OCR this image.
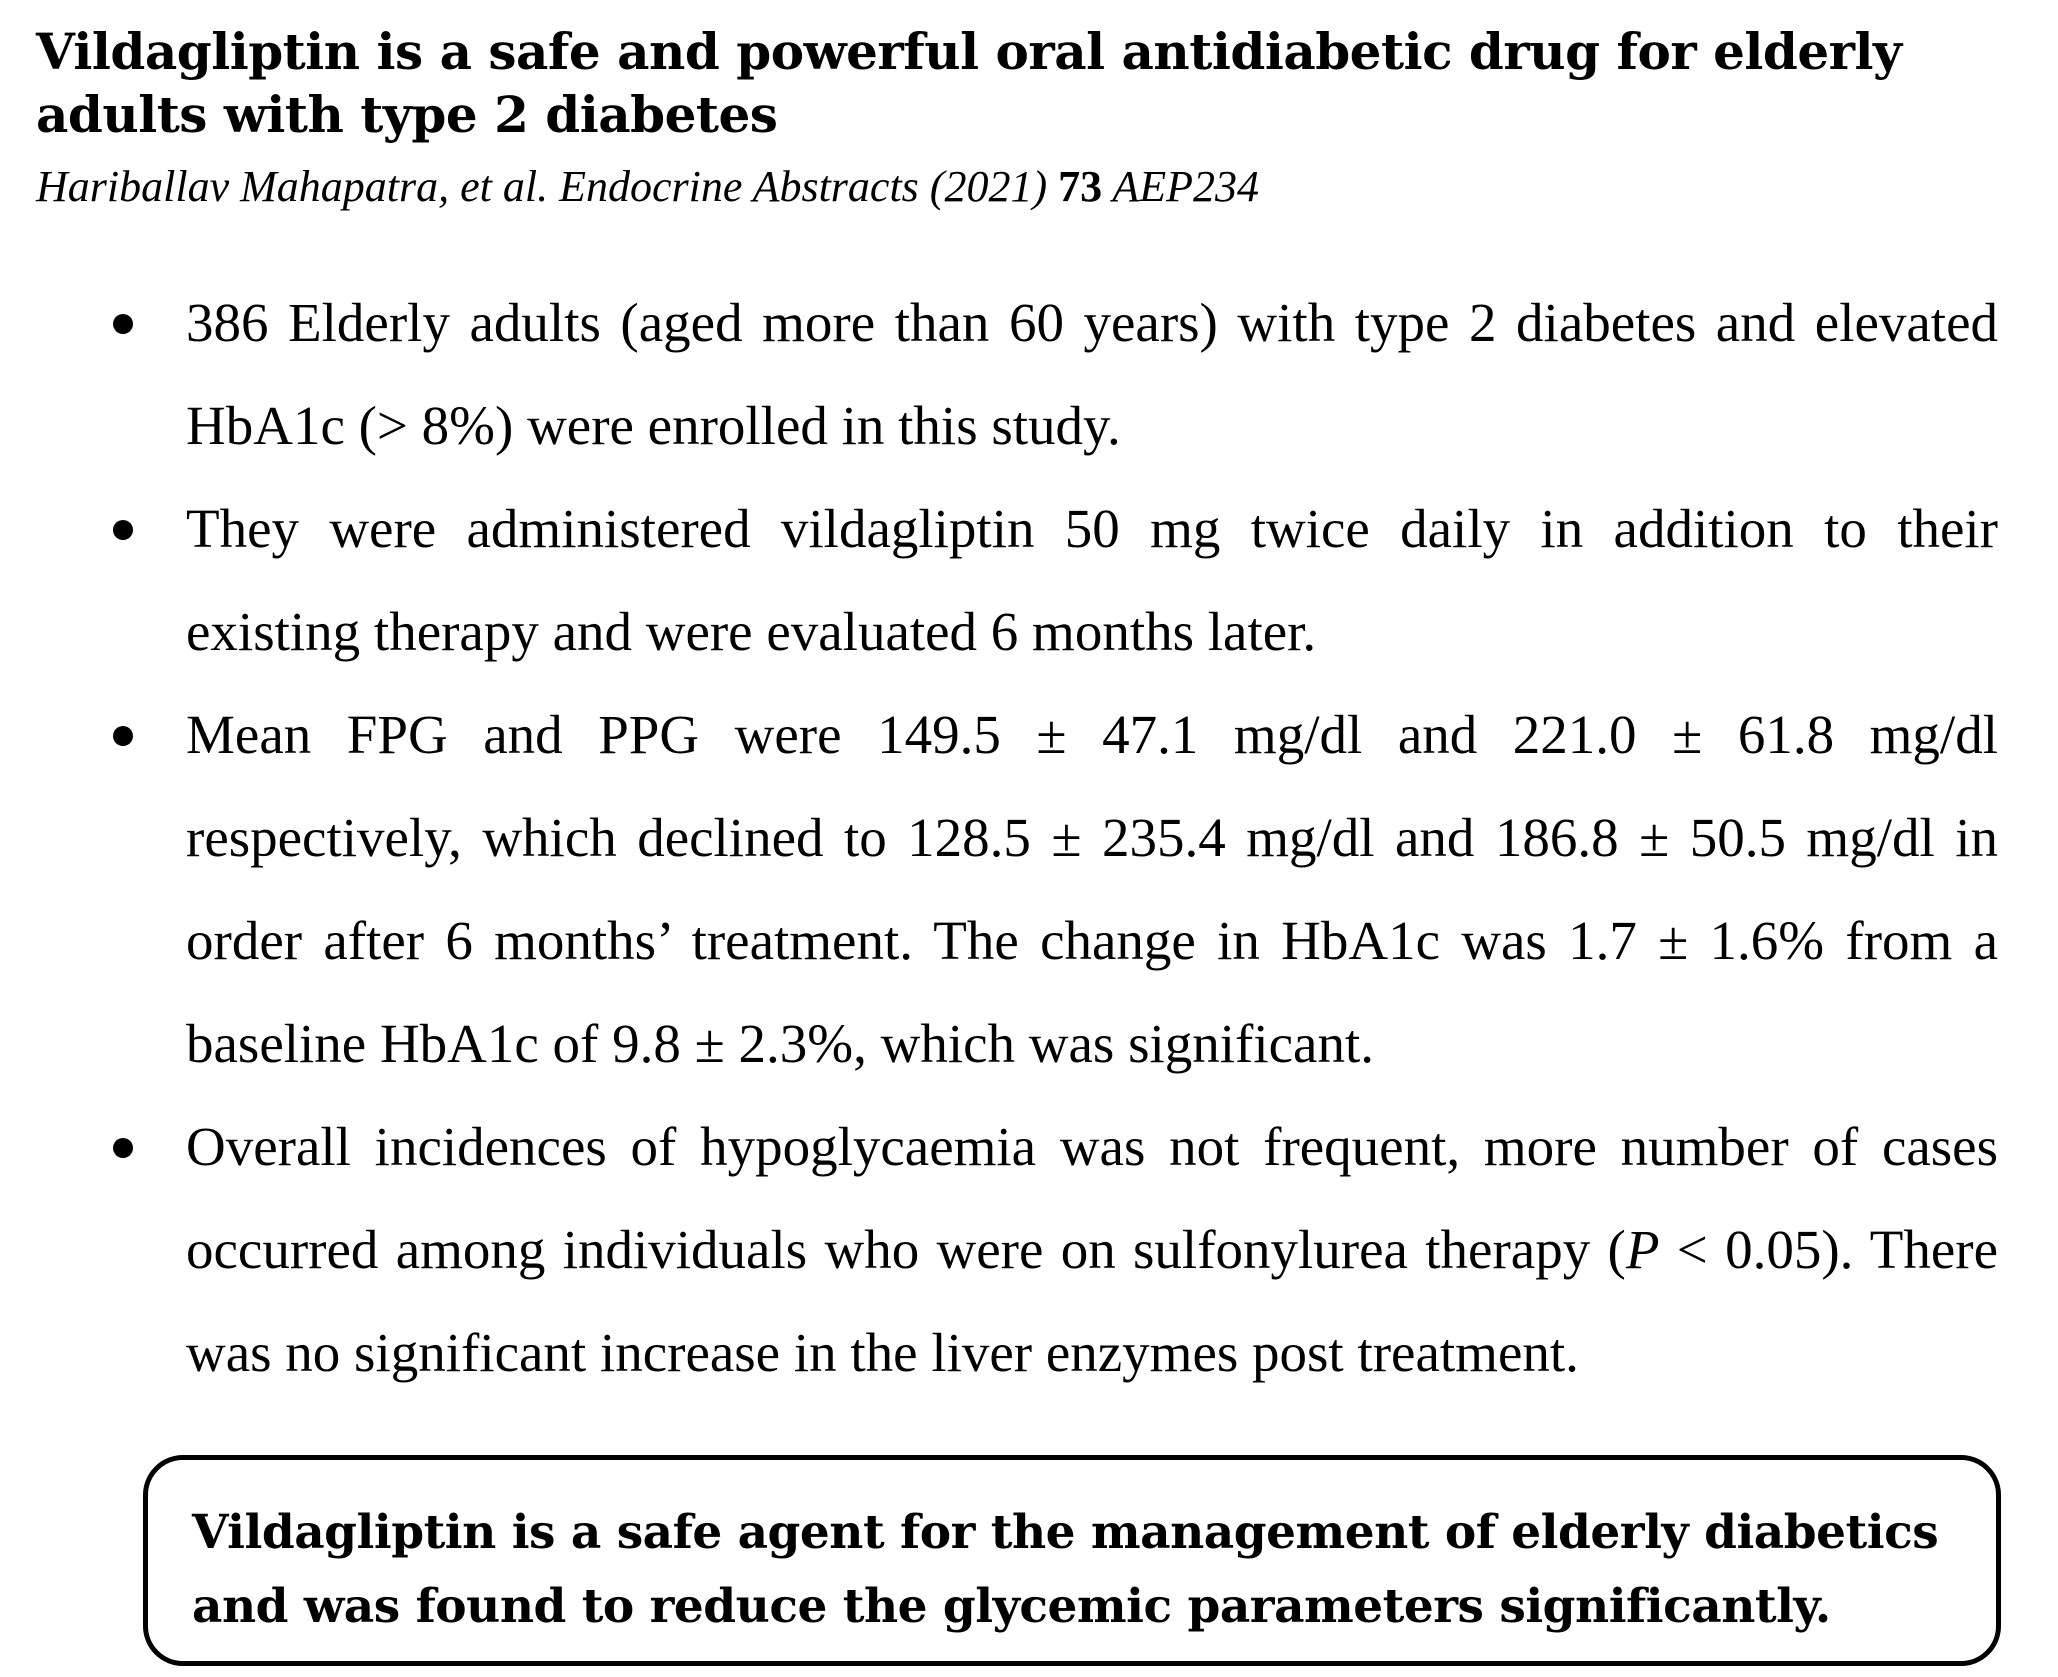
Vildagliptin is a safe and powerful oral antidiabetic drug for elderly adults with type 2 diabetes

Hariballav Mahapatra, et al. Endocrine Abstracts (2021) 73 AEP234

386 Elderly adults (aged more than 60 years) with type 2 diabetes and elevated HbA1c (> 8%) were enrolled in this study.

They were administered vildagliptin 50 mg twice daily in addition to their existing therapy and were evaluated 6 months later.

Mean FPG and PPG were 149.5 ± 47.1 mg/dl and 221.0 ± 61.8 mg/dl respectively, which declined to 128.5 ± 235.4 mg/dl and 186.8 ± 50.5 mg/dl in order after 6 months’ treatment. The change in HbA1c was 1.7 ± 1.6% from a baseline HbA1c of 9.8 ± 2.3%, which was significant.

Overall incidences of hypoglycaemia was not frequent, more number of cases occurred among individuals who were on sulfonylurea therapy (P < 0.05). There was no significant increase in the liver enzymes post treatment.

Vildagliptin is a safe agent for the management of elderly diabetics and was found to reduce the glycemic parameters significantly.
